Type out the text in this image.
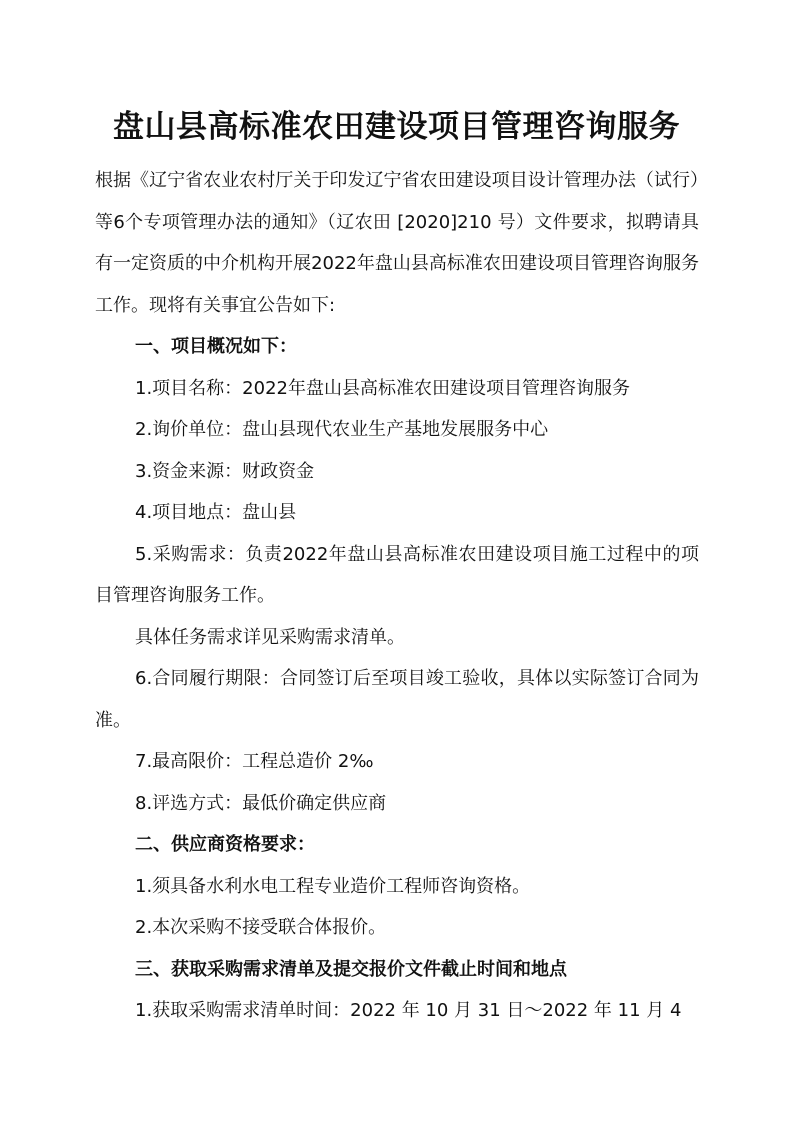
盘山县高标准农田建设项目管理咨询服务

根据《辽宁省农业农村厅关于印发辽宁省农田建设项目设计管理办法（试行）等6个专项管理办法的通知》（辽农田 [2020]210 号）文件要求，拟聘请具有一定资质的中介机构开展2022年盘山县高标准农田建设项目管理咨询服务工作。现将有关事宜公告如下:

一、项目概况如下：

1.项目名称：2022年盘山县高标准农田建设项目管理咨询服务

2.询价单位：盘山县现代农业生产基地发展服务中心

3.资金来源：财政资金

4.项目地点：盘山县

5.采购需求：负责2022年盘山县高标准农田建设项目施工过程中的项目管理咨询服务工作。

具体任务需求详见采购需求清单。

6.合同履行期限：合同签订后至项目竣工验收，具体以实际签订合同为准。

7.最高限价：工程总造价 2‰

8.评选方式：最低价确定供应商

二、供应商资格要求：

1.须具备水利水电工程专业造价工程师咨询资格。

2.本次采购不接受联合体报价。

三、获取采购需求清单及提交报价文件截止时间和地点

1.获取采购需求清单时间：2022 年 10 月 31 日～2022 年 11 月 4
